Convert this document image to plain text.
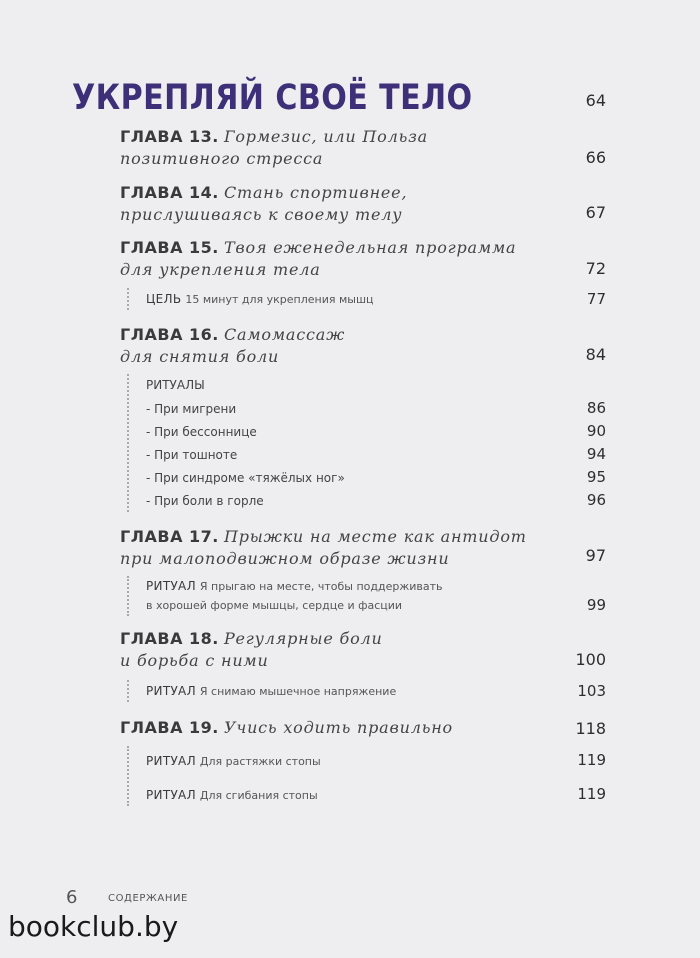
УКРЕПЛЯЙ СВОЁ ТЕЛО	64
ГЛАВА 13. Гормезис, или Польза
позитивного стресса	66
ГЛАВА 14. Стань спортивнее,
прислушиваясь к своему телу	67
ГЛАВА 15. Твоя еженедельная программа
для укрепления тела	72
ЦЕЛЬ 15 минут для укрепления мышц	77
ГЛАВА 16. Самомассаж
для снятия боли	84
РИТУАЛЫ
- При мигрени	86
- При бессоннице	90
- При тошноте	94
- При синдроме «тяжёлых ног»	95
- При боли в горле	96
ГЛАВА 17. Прыжки на месте как антидот
при малоподвижном образе жизни	97
РИТУАЛ Я прыгаю на месте, чтобы поддерживать
в хорошей форме мышцы, сердце и фасции	99
ГЛАВА 18. Регулярные боли
и борьба с ними	100
РИТУАЛ Я снимаю мышечное напряжение	103
ГЛАВА 19. Учись ходить правильно	118
РИТУАЛ Для растяжки стопы	119
РИТУАЛ Для сгибания стопы	119
6	СОДЕРЖАНИЕ
bookclub.by
